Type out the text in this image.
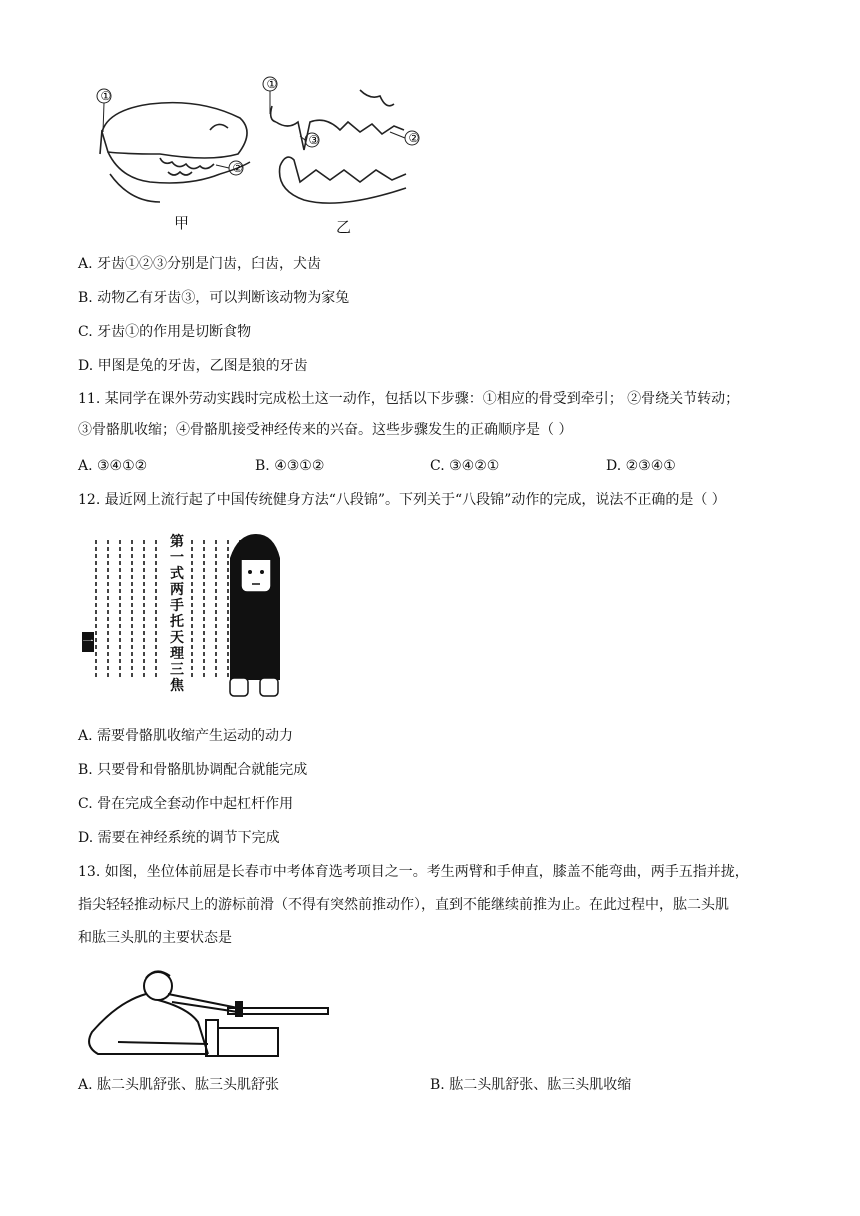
①
②
①
③	②
甲	乙
A. 牙齿①②③分别是门齿，臼齿，犬齿
B. 动物乙有牙齿③，可以判断该动物为家兔
C. 牙齿①的作用是切断食物
D. 甲图是兔的牙齿，乙图是狼的牙齿
11. 某同学在课外劳动实践时完成松土这一动作，包括以下步骤：①相应的骨受到牵引； ②骨绕关节转动；
③骨骼肌收缩；④骨骼肌接受神经传来的兴奋。这些步骤发生的正确顺序是（ ）
A. ③④①②	B. ④③①②	C. ③④②①	D. ②③④①
12. 最近网上流行起了中国传统健身方法“八段锦”。下列关于“八段锦”动作的完成，说法不正确的是（ ）
第一式 两手托天理三焦
一
A. 需要骨骼肌收缩产生运动的动力
B. 只要骨和骨骼肌协调配合就能完成
C. 骨在完成全套动作中起杠杆作用
D. 需要在神经系统的调节下完成
13. 如图，坐位体前屈是长春市中考体育选考项目之一。考生两臂和手伸直，膝盖不能弯曲，两手五指并拢，
指尖轻轻推动标尺上的游标前滑（不得有突然前推动作），直到不能继续前推为止。在此过程中，肱二头肌
和肱三头肌的主要状态是
A. 肱二头肌舒张、肱三头肌舒张	B. 肱二头肌舒张、肱三头肌收缩
